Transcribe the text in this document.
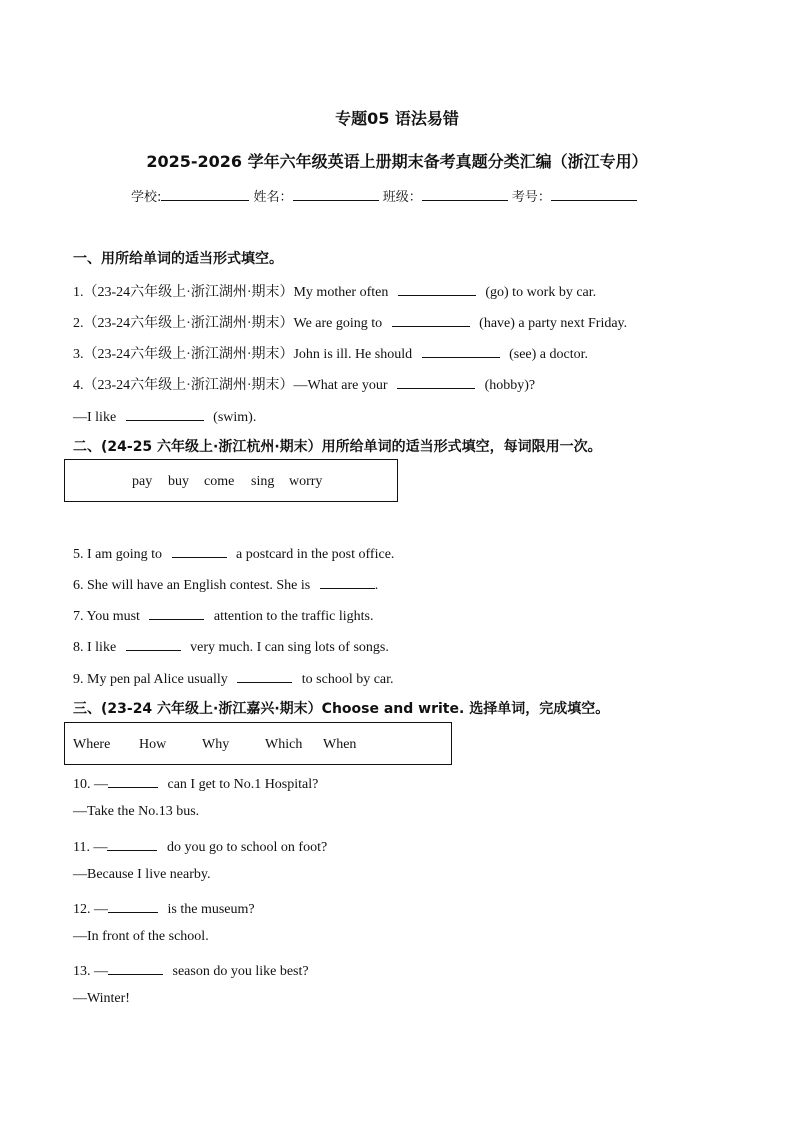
专题05 语法易错
2025-2026 学年六年级英语上册期末备考真题分类汇编（浙江专用）
学校:	姓名：	班级：	考号：
一、用所给单词的适当形式填空。
1.（23-24六年级上·浙江湖州·期末）My mother often	(go) to work by car.
2.（23-24六年级上·浙江湖州·期末）We are going to	(have) a party next Friday.
3.（23-24六年级上·浙江湖州·期末）John is ill. He should	(see) a doctor.
4.（23-24六年级上·浙江湖州·期末）—What are your	(hobby)?
—I like	(swim).
二、(24-25 六年级上·浙江杭州·期末）用所给单词的适当形式填空，每词限用一次。
pay buy come sing worry
5. I am going to	a postcard in the post office.
6. She will have an English contest. She is	.
7. You must	attention to the traffic lights.
8. I like	very much. I can sing lots of songs.
9. My pen pal Alice usually	to school by car.
三、(23-24 六年级上·浙江嘉兴·期末）Choose and write. 选择单词，完成填空。
Where How	Why	Which When
10. —	can I get to No.1 Hospital?
—Take the No.13 bus.
11. —	do you go to school on foot?
—Because I live nearby.
12. —	is the museum?
—In front of the school.
13. —	season do you like best?
—Winter!
